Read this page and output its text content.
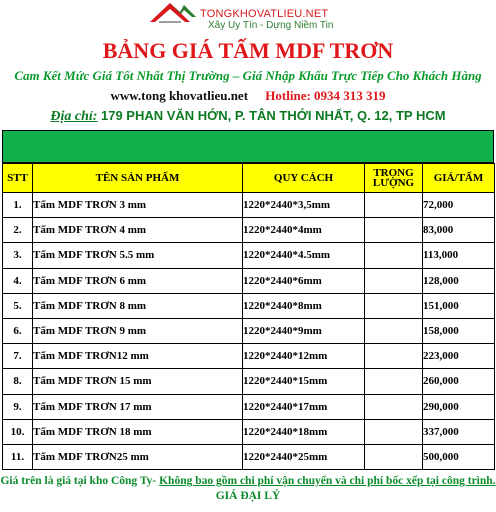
TONGKHOVATLIEU.NET
Xây Uy Tín - Dựng Niềm Tin
BẢNG GIÁ TẤM MDF TRƠN
Cam Kết Mức Giá Tốt Nhất Thị Trường – Giá Nhập Khẩu Trực Tiếp Cho Khách Hàng
www.tong khovatlieu.net Hotline: 0934 313 319
Địa chỉ: 179 PHAN VĂN HỚN, P. TÂN THỚI NHẤT, Q. 12, TP HCM
STT	TÊN SẢN PHẨM	QUY CÁCH	TRỌNG LƯỢNG	GIÁ/TẤM
1.	Tấm MDF TRƠN 3 mm	1220*2440*3,5mm		72,000
2.	Tấm MDF TRƠN 4 mm	1220*2440*4mm		83,000
3.	Tấm MDF TRƠN 5.5 mm	1220*2440*4.5mm		113,000
4.	Tấm MDF TRƠN 6 mm	1220*2440*6mm		128,000
5.	Tấm MDF TRƠN 8 mm	1220*2440*8mm		151,000
6.	Tấm MDF TRƠN 9 mm	1220*2440*9mm		158,000
7.	Tấm MDF TRƠN12 mm	1220*2440*12mm		223,000
8.	Tấm MDF TRƠN 15 mm	1220*2440*15mm		260,000
9.	Tấm MDF TRƠN 17 mm	1220*2440*17mm		290,000
10.	Tấm MDF TRƠN 18 mm	1220*2440*18mm		337,000
11.	Tấm MDF TRƠN25 mm	1220*2440*25mm		500,000
Giá trên là giá tại kho Công Ty- Không bao gồm chi phí vận chuyển và chi phí bốc xếp tại công trình. GIÁ ĐẠI LÝ
